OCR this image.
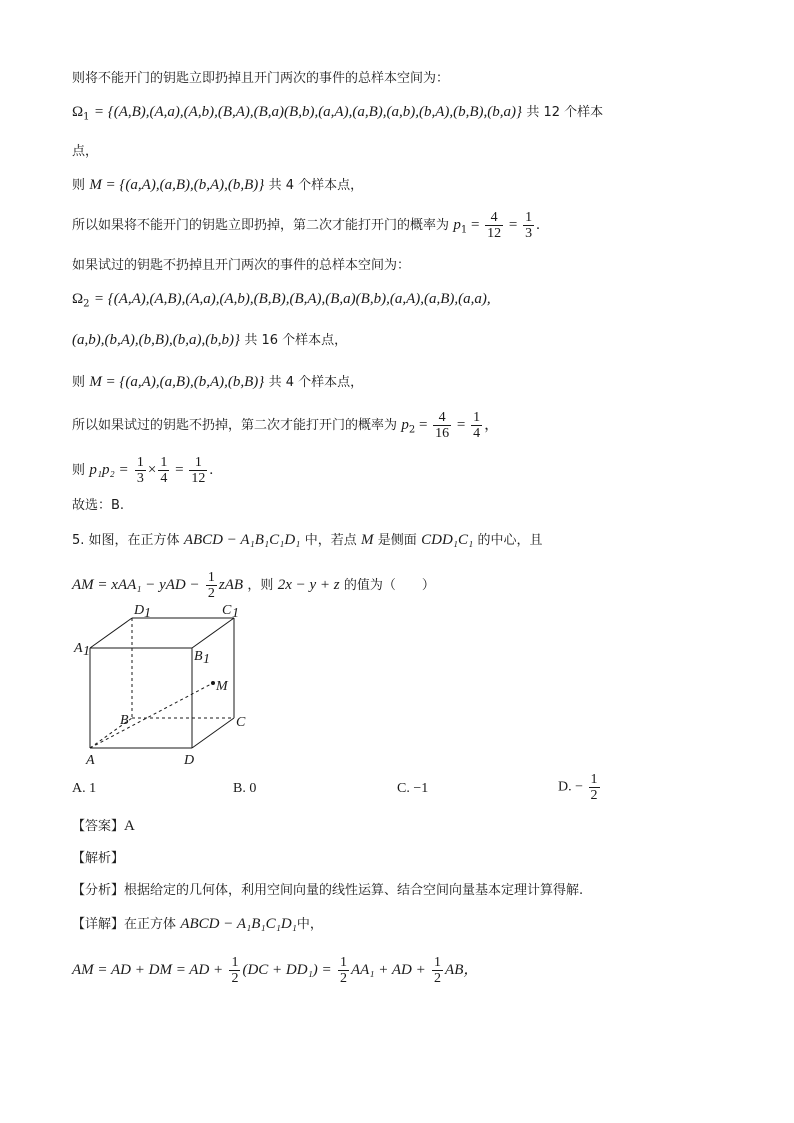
则将不能开门的钥匙立即扔掉且开门两次的事件的总样本空间为：
$\Omega_1 = \{(A,B),(A,a),(A,b),(B,A),(B,a)(B,b),(a,A),(a,B),(a,b),(b,A),(b,B),(b,a)\}$ 共 12 个样本
点，
则 M = {(a,A),(a,B),(b,A),(b,B)} 共 4 个样本点，
所以如果将不能开门的钥匙立即扔掉，第二次才能打开门的概率为 $p_1 = \frac{4}{12} = \frac{1}{3}$ .
如果试过的钥匙不扔掉且开门两次的事件的总样本空间为：
$\Omega_2 = \{(A,A),(A,B),(A,a),(A,b),(B,B),(B,A),(B,a)(B,b),(a,A),(a,B),(a,a)$,
(a,b),(b,A),(b,B),(b,a),(b,b)} 共 16 个样本点，
则 M = {(a,A),(a,B),(b,A),(b,B)} 共 4 个样本点，
所以如果试过的钥匙不扔掉，第二次才能打开门的概率为 $p_2 = \frac{4}{16} = \frac{1}{4}$ ，
则 $p_1p_2 = \frac{1}{3} \times \frac{1}{4} = \frac{1}{12}$ .
故选：B.
5. 如图，在正方体 ABCD − A₁B₁C₁D₁ 中，若点 M 是侧面 CDD₁C₁ 的中心，且
AM = xAA₁ − yAD − $\frac{1}{2}$ zAB ，则 2x − y + z 的值为（　　）
A 1	B 1
D 1	C 1
B	C
A	D
M
A. 1	B. 0	C. −1	D. − $\frac{1}{2}$
【答案】A
【解析】
【分析】根据给定的几何体，利用空间向量的线性运算、结合空间向量基本定理计算得解.
【详解】在正方体 ABCD − A₁B₁C₁D₁中，
AM = AD + DM = AD + $\frac{1}{2} (DC + DD_1) = \frac{1}{2} AA_1$ + AD + $\frac{1}{2}$ AB，
